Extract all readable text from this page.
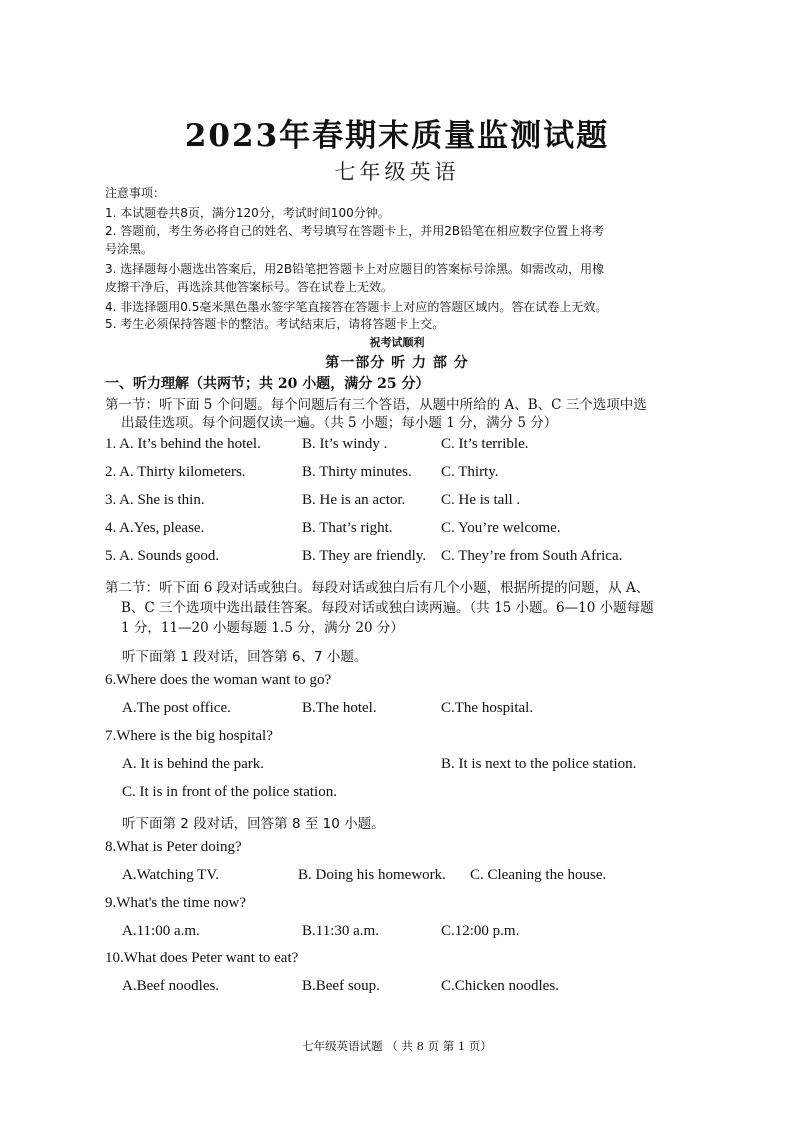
2023年春期末质量监测试题
七年级英语
注意事项：
1. 本试题卷共8页，满分120分，考试时间100分钟。
2. 答题前，考生务必将自己的姓名、考号填写在答题卡上，并用2B铅笔在相应数字位置上将考
号涂黑。
3. 选择题每小题选出答案后，用2B铅笔把答题卡上对应题目的答案标号涂黑。如需改动，用橡
皮擦干净后，再选涂其他答案标号。答在试卷上无效。
4. 非选择题用0.5毫米黑色墨水签字笔直接答在答题卡上对应的答题区域内。答在试卷上无效。
5. 考生必须保持答题卡的整洁。考试结束后，请将答题卡上交。
祝考试顺利
第一部分 听 力 部 分
一、听力理解（共两节；共 20 小题，满分 25 分）
第一节：听下面 5 个问题。每个问题后有三个答语，从题中所给的 A、B、C 三个选项中选
出最佳选项。每个问题仅读一遍。（共 5 小题；每小题 1 分，满分 5 分）
1. A. It’s behind the hotel.	B. It’s windy .	C. It’s terrible.
2. A. Thirty kilometers.	B. Thirty minutes. C. Thirty.
3. A. She is thin.	B. He is an actor. C. He is tall .
4. A.Yes, please.	B. That’s right.	C. You’re welcome.
5. A. Sounds good.	B. They are friendly. C. They’re from South Africa.
第二节：听下面 6 段对话或独白。每段对话或独白后有几个小题，根据所提的问题，从 A、
B、C 三个选项中选出最佳答案。每段对话或独白读两遍。（共 15 小题。6—10 小题每题
1 分，11—20 小题每题 1.5 分，满分 20 分）
听下面第 1 段对话，回答第 6、7 小题。
6.Where does the woman want to go?
A.The post office.	B.The hotel.	C.The hospital.
7.Where is the big hospital?
A. It is behind the park.	B. It is next to the police station.
C. It is in front of the police station.
听下面第 2 段对话，回答第 8 至 10 小题。
8.What is Peter doing?
A.Watching TV.	B. Doing his homework. C. Cleaning the house.
9.What's the time now?
A.11:00 a.m.	B.11:30 a.m.	C.12:00 p.m.
10.What does Peter want to eat?
A.Beef noodles.	B.Beef soup.	C.Chicken noodles.
七年级英语试题 （ 共 8 页 第 1 页）
